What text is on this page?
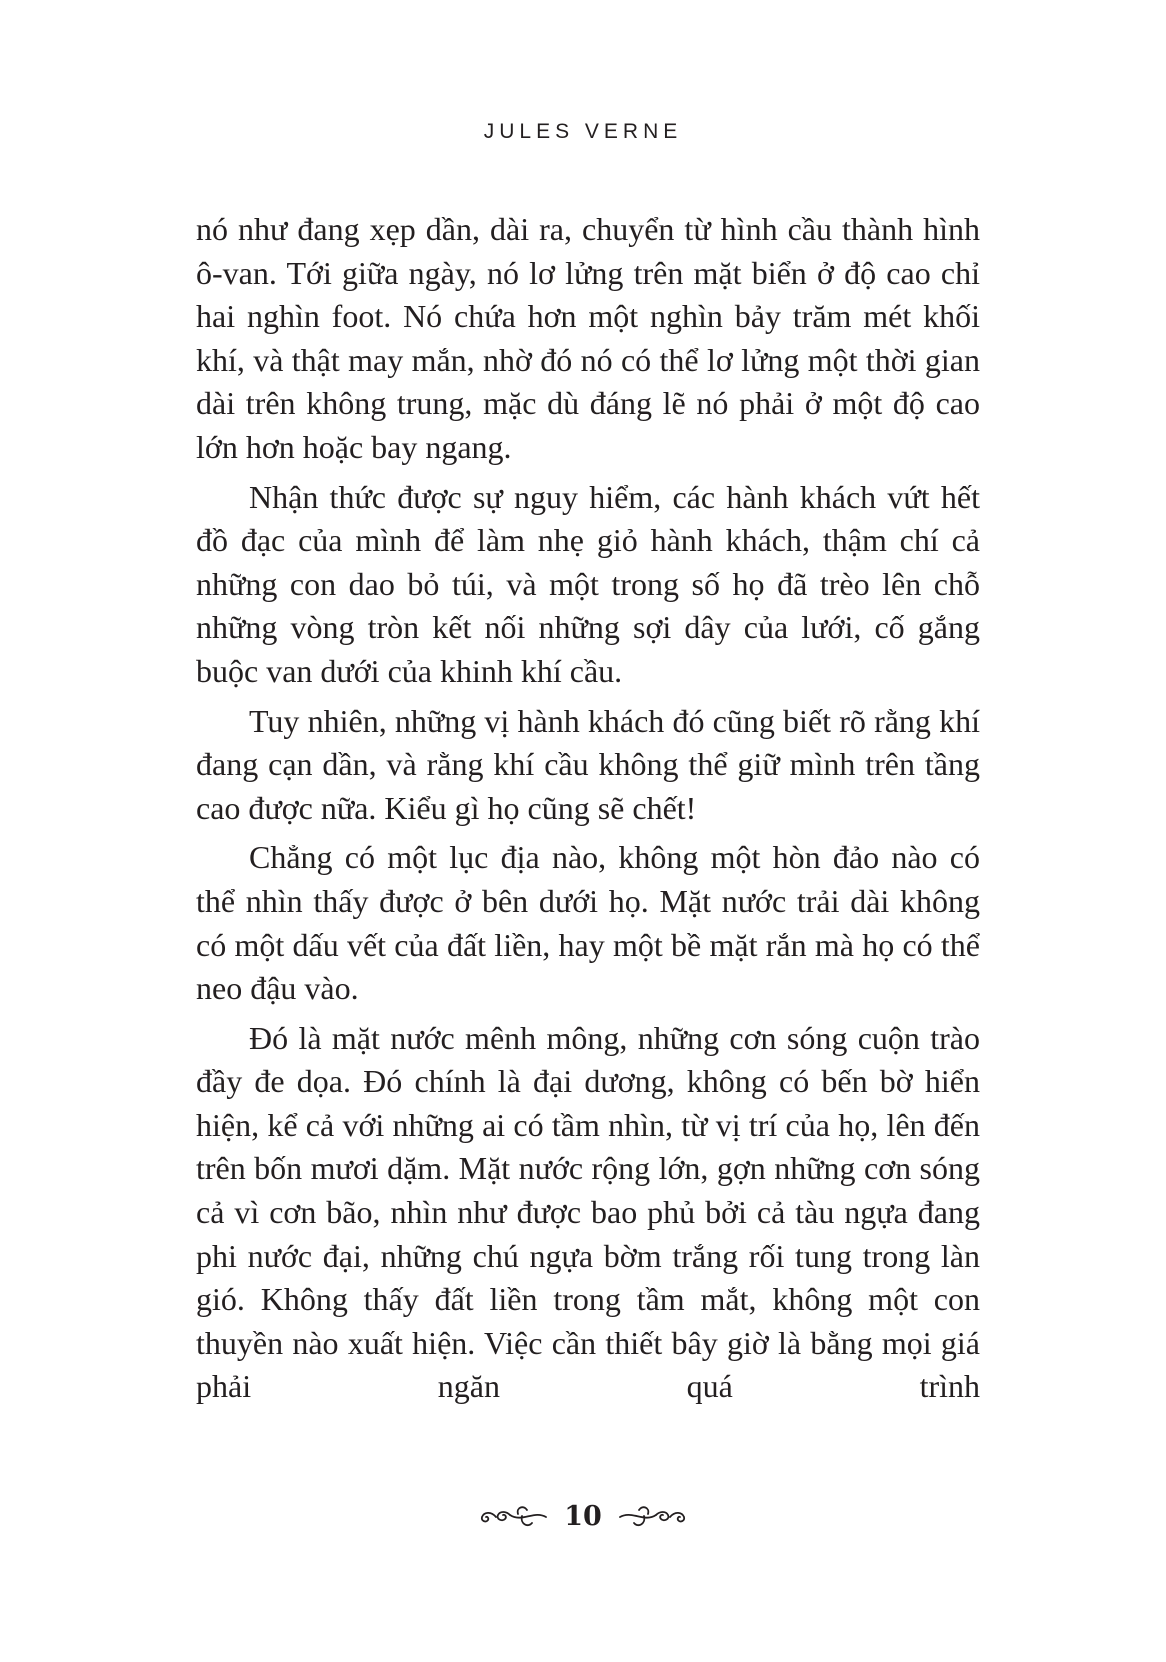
JULES VERNE

nó như đang xẹp dần, dài ra, chuyển từ hình cầu thành hình ô-van. Tới giữa ngày, nó lơ lửng trên mặt biển ở độ cao chỉ hai nghìn foot. Nó chứa hơn một nghìn bảy trăm mét khối khí, và thật may mắn, nhờ đó nó có thể lơ lửng một thời gian dài trên không trung, mặc dù đáng lẽ nó phải ở một độ cao lớn hơn hoặc bay ngang.

Nhận thức được sự nguy hiểm, các hành khách vứt hết đồ đạc của mình để làm nhẹ giỏ hành khách, thậm chí cả những con dao bỏ túi, và một trong số họ đã trèo lên chỗ những vòng tròn kết nối những sợi dây của lưới, cố gắng buộc van dưới của khinh khí cầu.

Tuy nhiên, những vị hành khách đó cũng biết rõ rằng khí đang cạn dần, và rằng khí cầu không thể giữ mình trên tầng cao được nữa. Kiểu gì họ cũng sẽ chết!

Chẳng có một lục địa nào, không một hòn đảo nào có thể nhìn thấy được ở bên dưới họ. Mặt nước trải dài không có một dấu vết của đất liền, hay một bề mặt rắn mà họ có thể neo đậu vào.

Đó là mặt nước mênh mông, những cơn sóng cuộn trào đầy đe dọa. Đó chính là đại dương, không có bến bờ hiển hiện, kể cả với những ai có tầm nhìn, từ vị trí của họ, lên đến trên bốn mươi dặm. Mặt nước rộng lớn, gợn những cơn sóng cả vì cơn bão, nhìn như được bao phủ bởi cả tàu ngựa đang phi nước đại, những chú ngựa bờm trắng rối tung trong làn gió. Không thấy đất liền trong tầm mắt, không một con thuyền nào xuất hiện. Việc cần thiết bây giờ là bằng mọi giá phải ngăn quá trình

10
